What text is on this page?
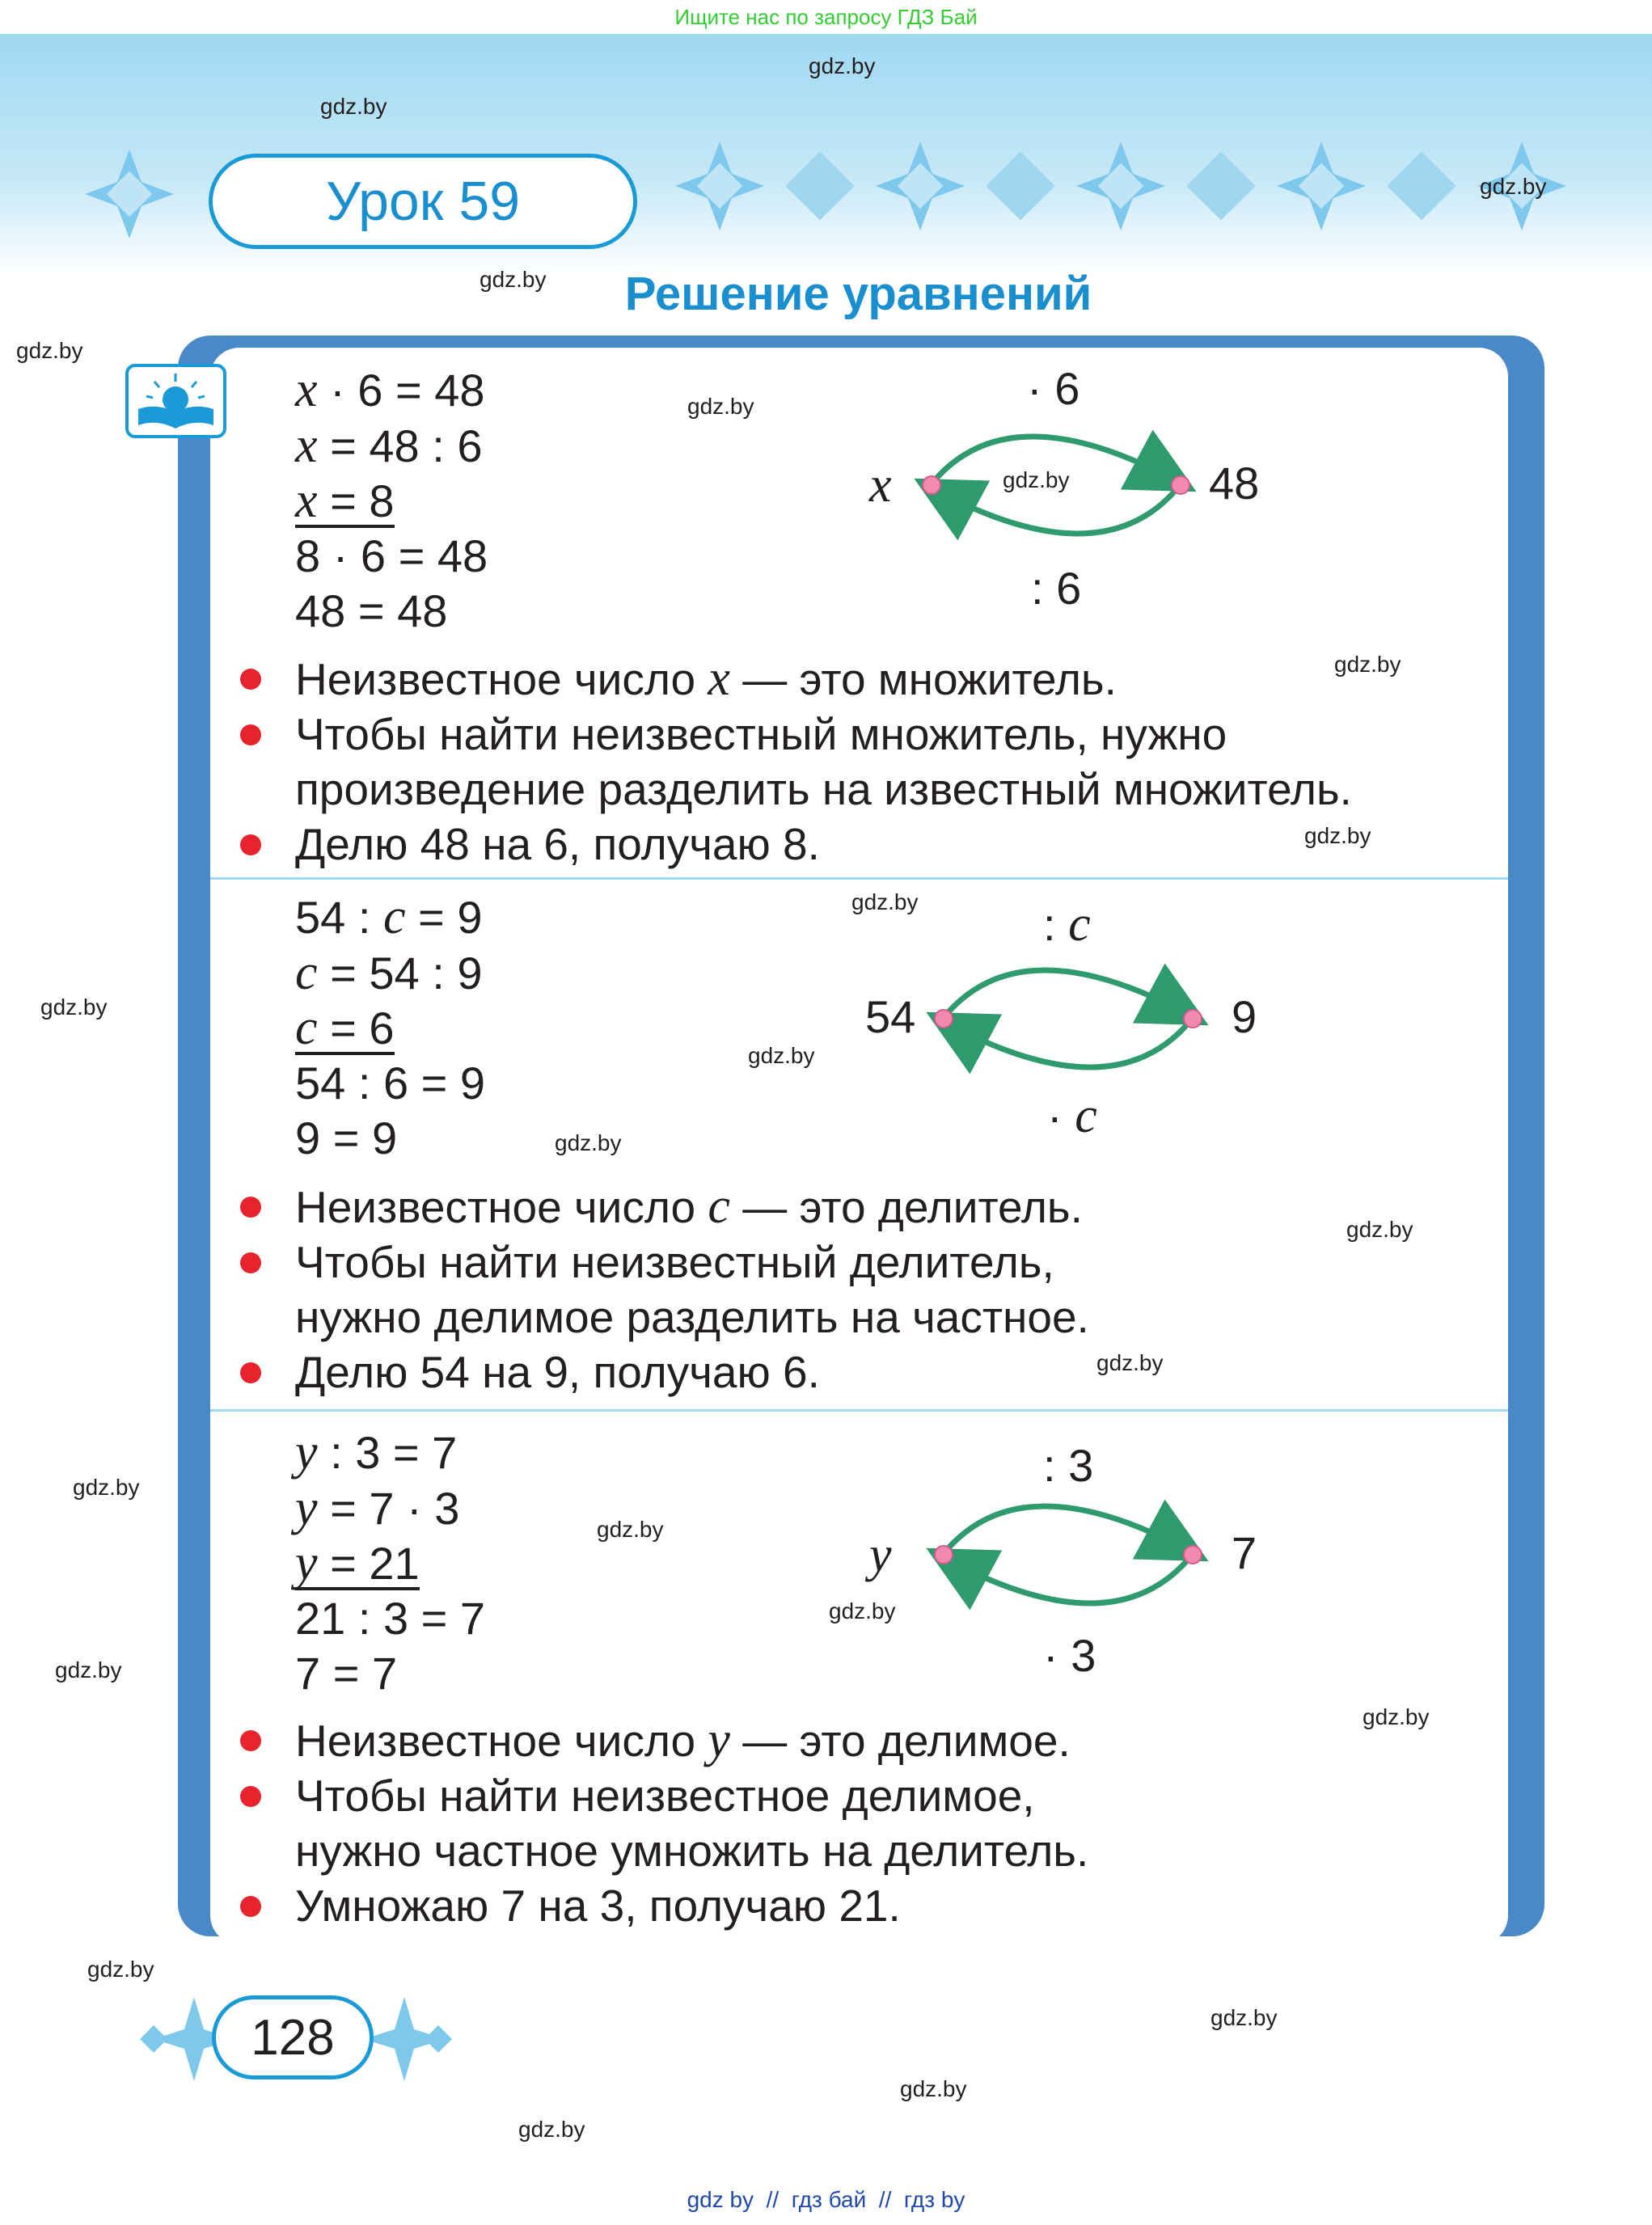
Ищите нас по запросу ГДЗ Бай
Урок 59
Решение уравнений
x · 6 = 48
x = 48 : 6
x = 8
8 · 6 = 48
48 = 48
· 6
: 6
x	48
Неизвестное число x — это множитель.
Чтобы найти неизвестный множитель, нужно
произведение разделить на известный множитель.
Делю 48 на 6, получаю 8.
54 : c = 9
c = 54 : 9
c = 6
54 : 6 = 9
9 = 9
: c
· c
54	9
Неизвестное число c — это делитель.
Чтобы найти неизвестный делитель,
нужно делимое разделить на частное.
Делю 54 на 9, получаю 6.
y : 3 = 7
y = 7 · 3
y = 21
21 : 3 = 7
7 = 7
: 3
· 3
y	7
Неизвестное число y — это делимое.
Чтобы найти неизвестное делимое,
нужно частное умножить на делитель.
Умножаю 7 на 3, получаю 21.
128
gdz.by
gdz.by
gdz.by
gdz.by
gdz.by
gdz.by
gdz.by
gdz.by
gdz.by
gdz.by
gdz.by
gdz.by
gdz.by
gdz.by
gdz.by
gdz.by
gdz.by
gdz.by
gdz.by
gdz.by
gdz.by
gdz.by
gdz.by
gdz.by
gdz by  //  гдз бай  //  гдз by
